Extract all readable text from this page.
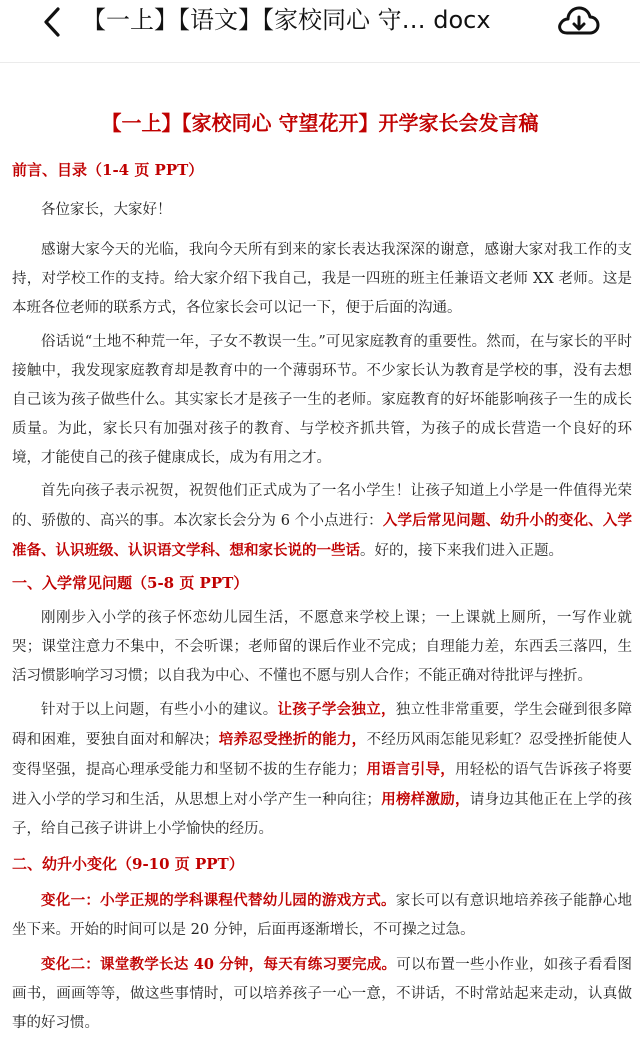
【一上】【语文】【家校同心 守… docx
【一上】【家校同心 守望花开】开学家长会发言稿
前言、目录（1-4 页 PPT）
各位家长，大家好！
感谢大家今天的光临，我向今天所有到来的家长表达我深深的谢意，感谢大家对我工作的支持，对学校工作的支持。给大家介绍下我自己，我是一四班的班主任兼语文老师 XX 老师。这是本班各位老师的联系方式，各位家长会可以记一下，便于后面的沟通。
俗话说“土地不种荒一年，子女不教误一生。”可见家庭教育的重要性。然而，在与家长的平时接触中，我发现家庭教育却是教育中的一个薄弱环节。不少家长认为教育是学校的事，没有去想自己该为孩子做些什么。其实家长才是孩子一生的老师。家庭教育的好坏能影响孩子一生的成长质量。为此，家长只有加强对孩子的教育、与学校齐抓共管，为孩子的成长营造一个良好的环境，才能使自己的孩子健康成长，成为有用之才。
首先向孩子表示祝贺，祝贺他们正式成为了一名小学生！让孩子知道上小学是一件值得光荣的、骄傲的、高兴的事。本次家长会分为 6 个小点进行：入学后常见问题、幼升小的变化、入学准备、认识班级、认识语文学科、想和家长说的一些话。好的，接下来我们进入正题。
一、入学常见问题（5-8 页 PPT）
刚刚步入小学的孩子怀恋幼儿园生活，不愿意来学校上课；一上课就上厕所，一写作业就哭；课堂注意力不集中，不会听课；老师留的课后作业不完成；自理能力差，东西丢三落四，生活习惯影响学习习惯；以自我为中心、不懂也不愿与别人合作；不能正确对待批评与挫折。
针对于以上问题，有些小小的建议。让孩子学会独立，独立性非常重要，学生会碰到很多障碍和困难，要独自面对和解决；培养忍受挫折的能力，不经历风雨怎能见彩虹？忍受挫折能使人变得坚强，提高心理承受能力和坚韧不拔的生存能力；用语言引导，用轻松的语气告诉孩子将要进入小学的学习和生活，从思想上对小学产生一种向往；用榜样激励，请身边其他正在上学的孩子，给自己孩子讲讲上小学愉快的经历。
二、幼升小变化（9-10 页 PPT）
变化一：小学正规的学科课程代替幼儿园的游戏方式。家长可以有意识地培养孩子能静心地坐下来。开始的时间可以是 20 分钟，后面再逐渐增长，不可操之过急。
变化二：课堂教学长达 40 分钟，每天有练习要完成。可以布置一些小作业，如孩子看看图画书，画画等等，做这些事情时，可以培养孩子一心一意，不讲话，不时常站起来走动，认真做事的好习惯。
